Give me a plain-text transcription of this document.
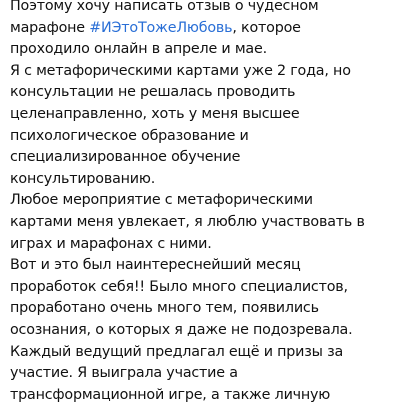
Поэтому хочу написать отзыв о чудесном
марафоне #ИЭтоТожеЛюбовь, которое
проходило онлайн в апреле и мае.
Я с метафорическими картами уже 2 года, но
консультации не решалась проводить
целенаправленно, хоть у меня высшее
психологическое образование и
специализированное обучение
консультированию.
Любое мероприятие с метафорическими
картами меня увлекает, я люблю участвовать в
играх и марафонах с ними.
Вот и это был наинтереснейший месяц
проработок себя!! Было много специалистов,
проработано очень много тем, появились
осознания, о которых я даже не подозревала.
Каждый ведущий предлагал ещё и призы за
участие. Я выиграла участие а
трансформационной игре, а также личную
